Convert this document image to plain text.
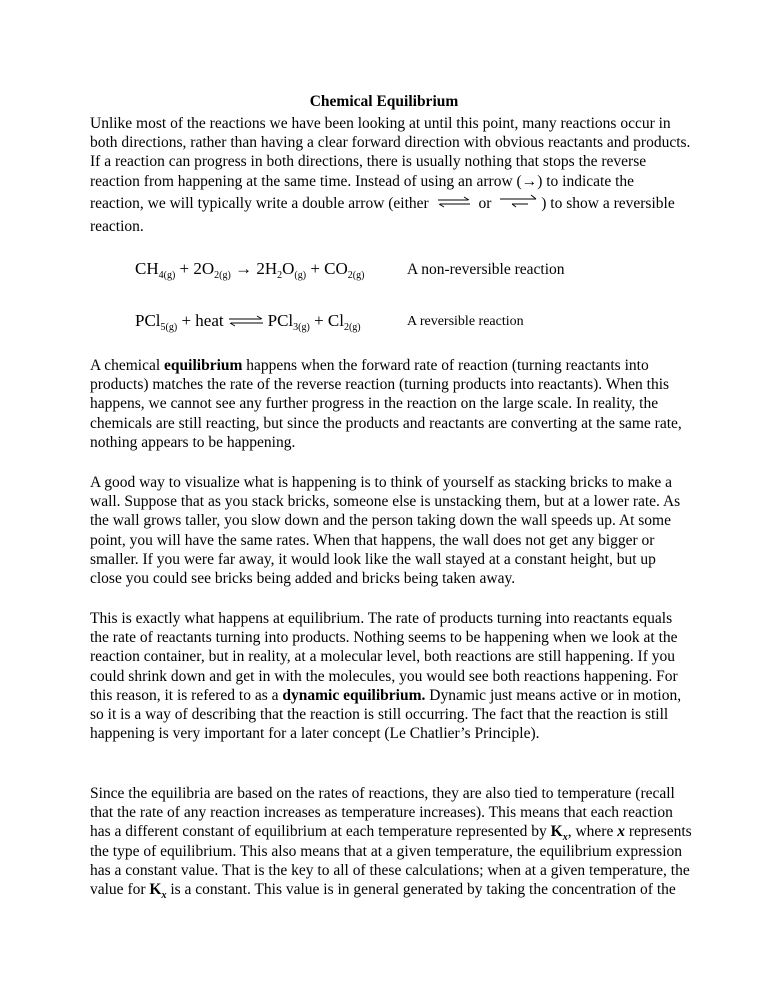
Chemical Equilibrium
Unlike most of the reactions we have been looking at until this point, many reactions occur in
both directions, rather than having a clear forward direction with obvious reactants and products.
If a reaction can progress in both directions, there is usually nothing that stops the reverse
reaction from happening at the same time. Instead of using an arrow (→) to indicate the
reaction, we will typically write a double arrow (either	or	) to show a reversible
reaction.
$CH_{4(g)} + 2O_{2(g)} \to 2H_2O_{(g)} + CO_{2(g)}$	A non-reversible reaction
PCl$_{5(g)}$ + heat ⇌ $PCl_{3(g)} + Cl_{2(g)}$	A reversible reaction
A chemical equilibrium happens when the forward rate of reaction (turning reactants into
products) matches the rate of the reverse reaction (turning products into reactants). When this
happens, we cannot see any further progress in the reaction on the large scale. In reality, the
chemicals are still reacting, but since the products and reactants are converting at the same rate,
nothing appears to be happening.
A good way to visualize what is happening is to think of yourself as stacking bricks to make a
wall. Suppose that as you stack bricks, someone else is unstacking them, but at a lower rate. As
the wall grows taller, you slow down and the person taking down the wall speeds up. At some
point, you will have the same rates. When that happens, the wall does not get any bigger or
smaller. If you were far away, it would look like the wall stayed at a constant height, but up
close you could see bricks being added and bricks being taken away.
This is exactly what happens at equilibrium. The rate of products turning into reactants equals
the rate of reactants turning into products. Nothing seems to be happening when we look at the
reaction container, but in reality, at a molecular level, both reactions are still happening. If you
could shrink down and get in with the molecules, you would see both reactions happening. For
this reason, it is refered to as a dynamic equilibrium. Dynamic just means active or in motion,
so it is a way of describing that the reaction is still occurring. The fact that the reaction is still
happening is very important for a later concept (Le Chatlier’s Principle).
Since the equilibria are based on the rates of reactions, they are also tied to temperature (recall
that the rate of any reaction increases as temperature increases). This means that each reaction
has a different constant of equilibrium at each temperature represented by $K_x$, where x represents
the type of equilibrium. This also means that at a given temperature, the equilibrium expression
has a constant value. That is the key to all of these calculations; when at a given temperature, the
value for $K_x$ is a constant. This value is in general generated by taking the concentration of the
